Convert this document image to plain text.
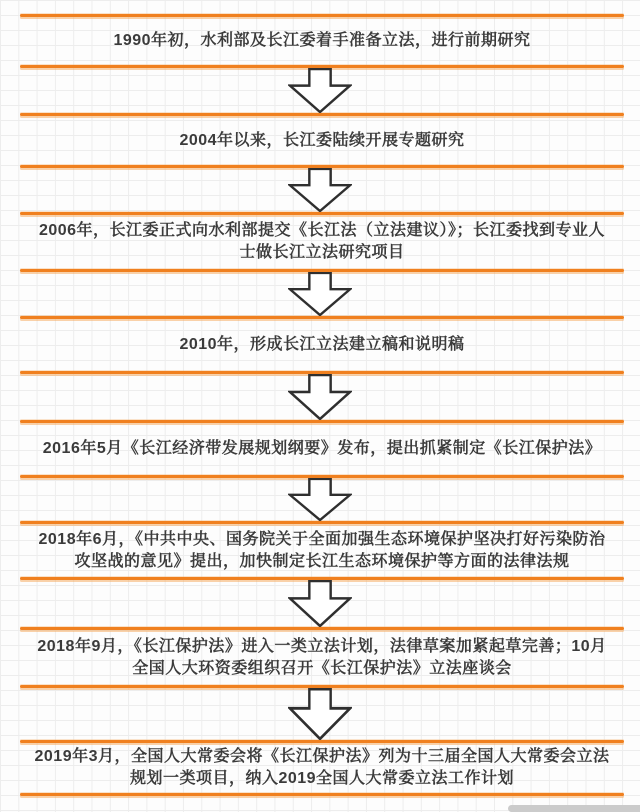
1990年初，水利部及长江委着手准备立法，进行前期研究
2004年以来，长江委陆续开展专题研究
2006年，长江委正式向水利部提交《长江法（立法建议）》；长江委找到专业人士做长江立法研究项目
2010年，形成长江立法建立稿和说明稿
2016年5月《长江经济带发展规划纲要》发布，提出抓紧制定《长江保护法》
2018年6月，《中共中央、国务院关于全面加强生态环境保护坚决打好污染防治攻坚战的意见》提出，加快制定长江生态环境保护等方面的法律法规
2018年9月，《长江保护法》进入一类立法计划，法律草案加紧起草完善；10月全国人大环资委组织召开《长江保护法》立法座谈会
2019年3月，全国人大常委会将《长江保护法》列为十三届全国人大常委会立法规划一类项目，纳入2019全国人大常委立法工作计划
